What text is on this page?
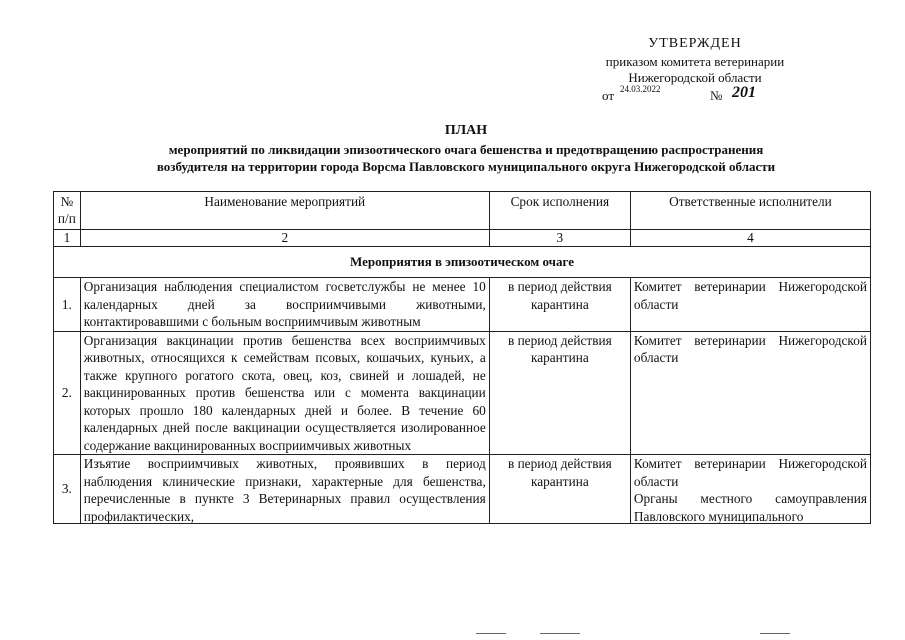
УТВЕРЖДЕН
приказом комитета ветеринарии
Нижегородской области
от 24.03.2022	№ 201
ПЛАН
мероприятий по ликвидации эпизоотического очага бешенства и предотвращению распространения
возбудителя на территории города Ворсма Павловского муниципального округа Нижегородской области
№ п/п	Наименование мероприятий	Срок исполнения	Ответственные исполнители
1	2	3	4
Мероприятия в эпизоотическом очаге			
1.	Организация наблюдения специалистом госветслужбы не менее 10 календарных дней за восприимчивыми животными, контактировавшими с больным восприимчивым животным	в период действия карантина	Комитет ветеринарии Нижегородской области
2.	Организация вакцинации против бешенства всех восприимчивых животных, относящихся к семействам псовых, кошачьих, куньих, а также крупного рогатого скота, овец, коз, свиней и лошадей, не вакцинированных против бешенства или с момента вакцинации которых прошло 180 календарных дней и более. В течение 60 календарных дней после вакцинации осуществляется изолированное содержание вакцинированных восприимчивых животных	в период действия карантина	Комитет ветеринарии Нижегородской области
3.	Изъятие восприимчивых животных, проявивших в период наблюдения клинические признаки, характерные для бешенства, перечисленные в пункте 3 Ветеринарных правил осуществления профилактических,	в период действия карантина	Комитет ветеринарии Нижегородской области
Органы местного самоуправления Павловского муниципального
